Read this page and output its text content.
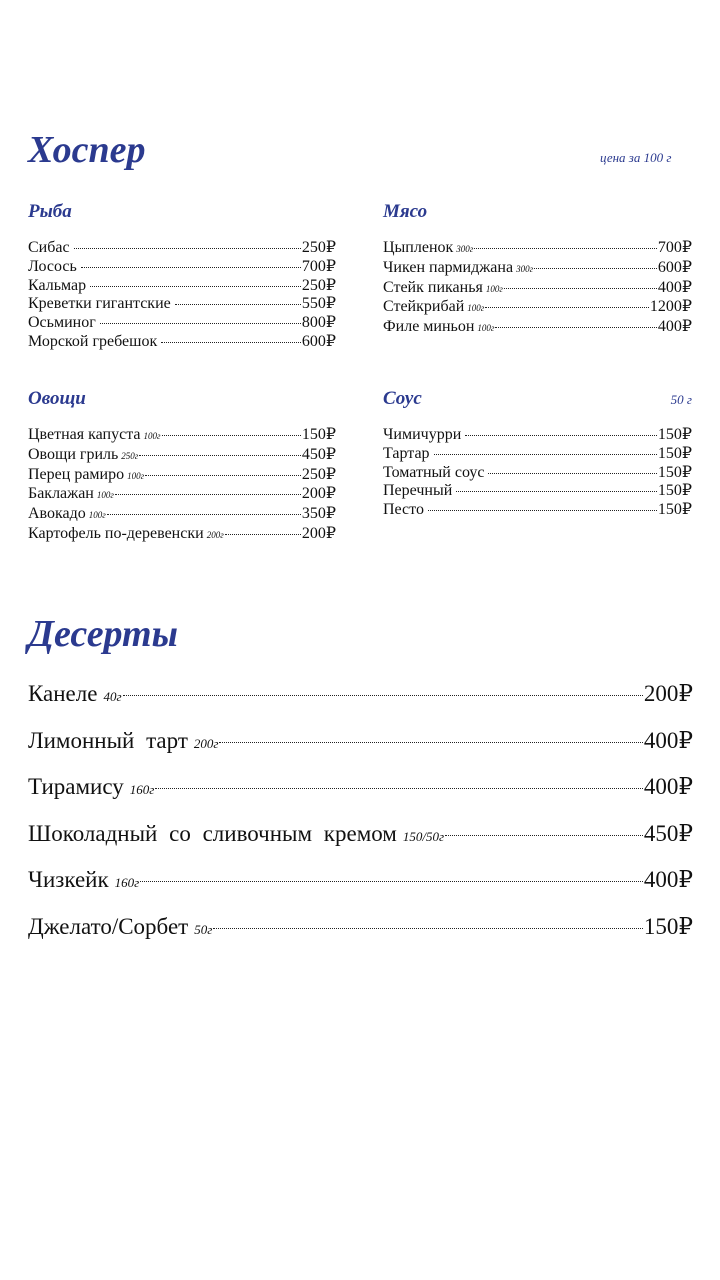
Хоспер	цена за 100 г
Рыба
Сибас	250₽
Лосось	700₽
Кальмар	250₽
Креветки гигантские	550₽
Осьминог	800₽
Морской гребешок	600₽
Мясо
Цыпленок 300г	700₽
Чикен пармиджана 300г	600₽
Стейк пиканья 100г	400₽
Стейкрибай 100г	1200₽
Филе миньон 100г	400₽
Овощи
Цветная капуста 100г	150₽
Овощи гриль 250г	450₽
Перец рамиро 100г	250₽
Баклажан 100г	200₽
Авокадо 100г	350₽
Картофель по-деревенски 200г	200₽
Соус	50 г
Чимичурри	150₽
Тартар	150₽
Томатный соус	150₽
Перечный	150₽
Песто	150₽
Десерты
Канеле 40г	200₽
Лимонный тарт 200г	400₽
Тирамису 160г	400₽
Шоколадный со сливочным кремом 150/50г	450₽
Чизкейк 160г	400₽
Джелато/Сорбет 50г	150₽
